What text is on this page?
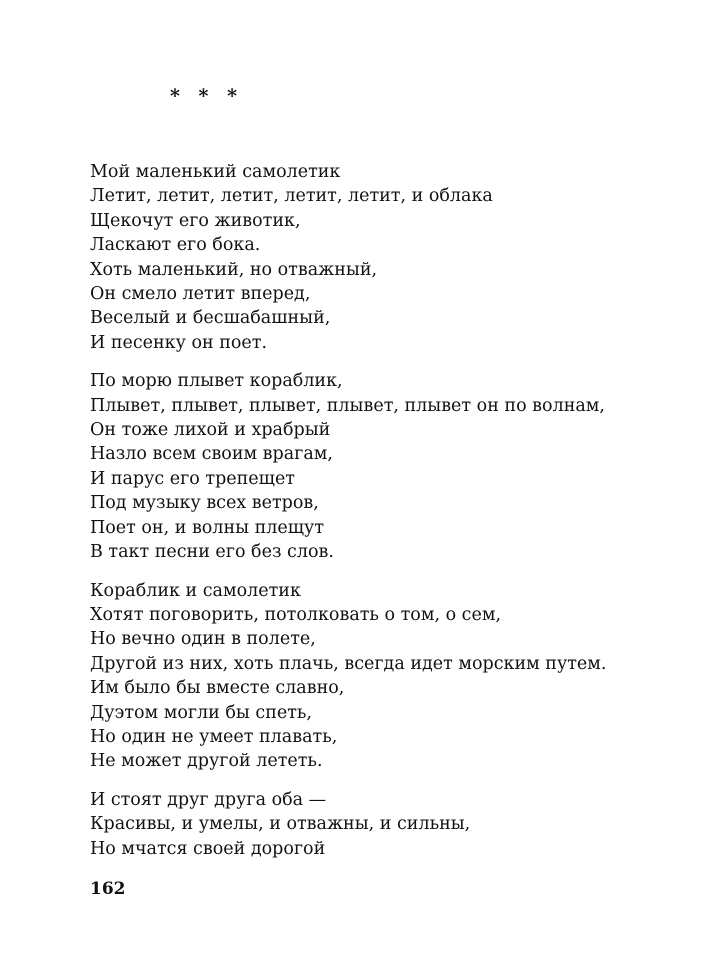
* * *
Мой маленький самолетик
Летит, летит, летит, летит, летит, и облака
Щекочут его животик,
Ласкают его бока.
Хоть маленький, но отважный,
Он смело летит вперед,
Веселый и бесшабашный,
И песенку он поет.
По морю плывет кораблик,
Плывет, плывет, плывет, плывет, плывет он по волнам,
Он тоже лихой и храбрый
Назло всем своим врагам,
И парус его трепещет
Под музыку всех ветров,
Поет он, и волны плещут
В такт песни его без слов.
Кораблик и самолетик
Хотят поговорить, потолковать о том, о сем,
Но вечно один в полете,
Другой из них, хоть плачь, всегда идет морским путем.
Им было бы вместе славно,
Дуэтом могли бы спеть,
Но один не умеет плавать,
Не может другой лететь.
И стоят друг друга оба —
Красивы, и умелы, и отважны, и сильны,
Но мчатся своей дорогой
162
